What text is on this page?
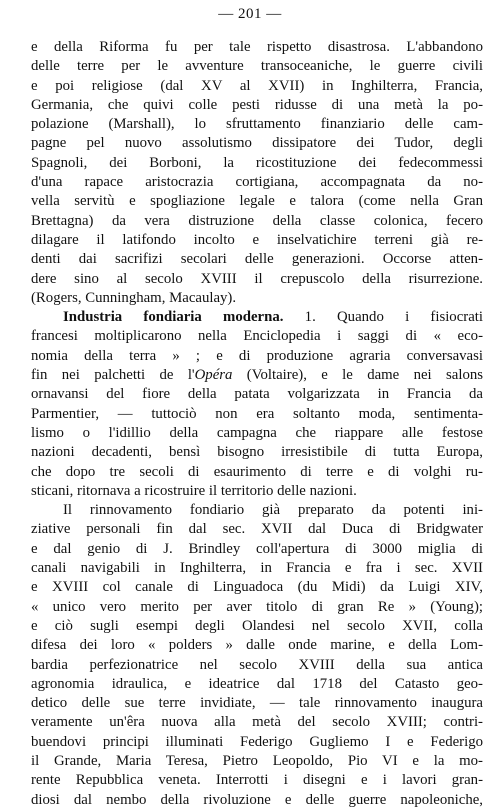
— 201 —
e della Riforma fu per tale rispetto disastrosa. L'abbandono
delle terre per le avventure transoceaniche, le guerre civili
e poi religiose (dal XV al XVII) in Inghilterra, Francia,
Germania, che quivi colle pesti ridusse di una metà la po-
polazione (Marshall), lo sfruttamento finanziario delle cam-
pagne pel nuovo assolutismo dissipatore dei Tudor, degli
Spagnoli, dei Borboni, la ricostituzione dei fedecommessi
d'una rapace aristocrazia cortigiana, accompagnata da no-
vella servitù e spogliazione legale e talora (come nella Gran
Brettagna) da vera distruzione della classe colonica, fecero
dilagare il latifondo incolto e inselvatichire terreni già re-
denti dai sacrifizi secolari delle generazioni. Occorse atten-
dere sino al secolo XVIII il crepuscolo della risurrezione.
(Rogers, Cunningham, Macaulay).
Industria fondiaria moderna. 1. Quando i fisiocrati
francesi moltiplicarono nella Enciclopedia i saggi di « eco-
nomia della terra » ; e di produzione agraria conversavasi
fin nei palchetti de l'Opéra (Voltaire), e le dame nei salons
ornavansi del fiore della patata volgarizzata in Francia da
Parmentier, — tuttociò non era soltanto moda, sentimenta-
lismo o l'idillio della campagna che riappare alle festose
nazioni decadenti, bensì bisogno irresistibile di tutta Europa,
che dopo tre secoli di esaurimento di terre e di volghi ru-
sticani, ritornava a ricostruire il territorio delle nazioni.
Il rinnovamento fondiario già preparato da potenti ini-
ziative personali fin dal sec. XVII dal Duca di Bridgwater
e dal genio di J. Brindley coll'apertura di 3000 miglia di
canali navigabili in Inghilterra, in Francia e fra i sec. XVII
e XVIII col canale di Linguadoca (du Midi) da Luigi XIV,
« unico vero merito per aver titolo di gran Re » (Young);
e ciò sugli esempi degli Olandesi nel secolo XVII, colla
difesa dei loro « polders » dalle onde marine, e della Lom-
bardia perfezionatrice nel secolo XVIII della sua antica
agronomia idraulica, e ideatrice dal 1718 del Catasto geo-
detico delle sue terre invidiate, — tale rinnovamento inaugura
veramente un'êra nuova alla metà del secolo XVIII; contri-
buendovi principi illuminati Federigo Gugliemo I e Federigo
il Grande, Maria Teresa, Pietro Leopoldo, Pio VI e la mo-
rente Repubblica veneta. Interrotti i disegni e i lavori gran-
diosi dal nembo della rivoluzione e delle guerre napoleoniche,
